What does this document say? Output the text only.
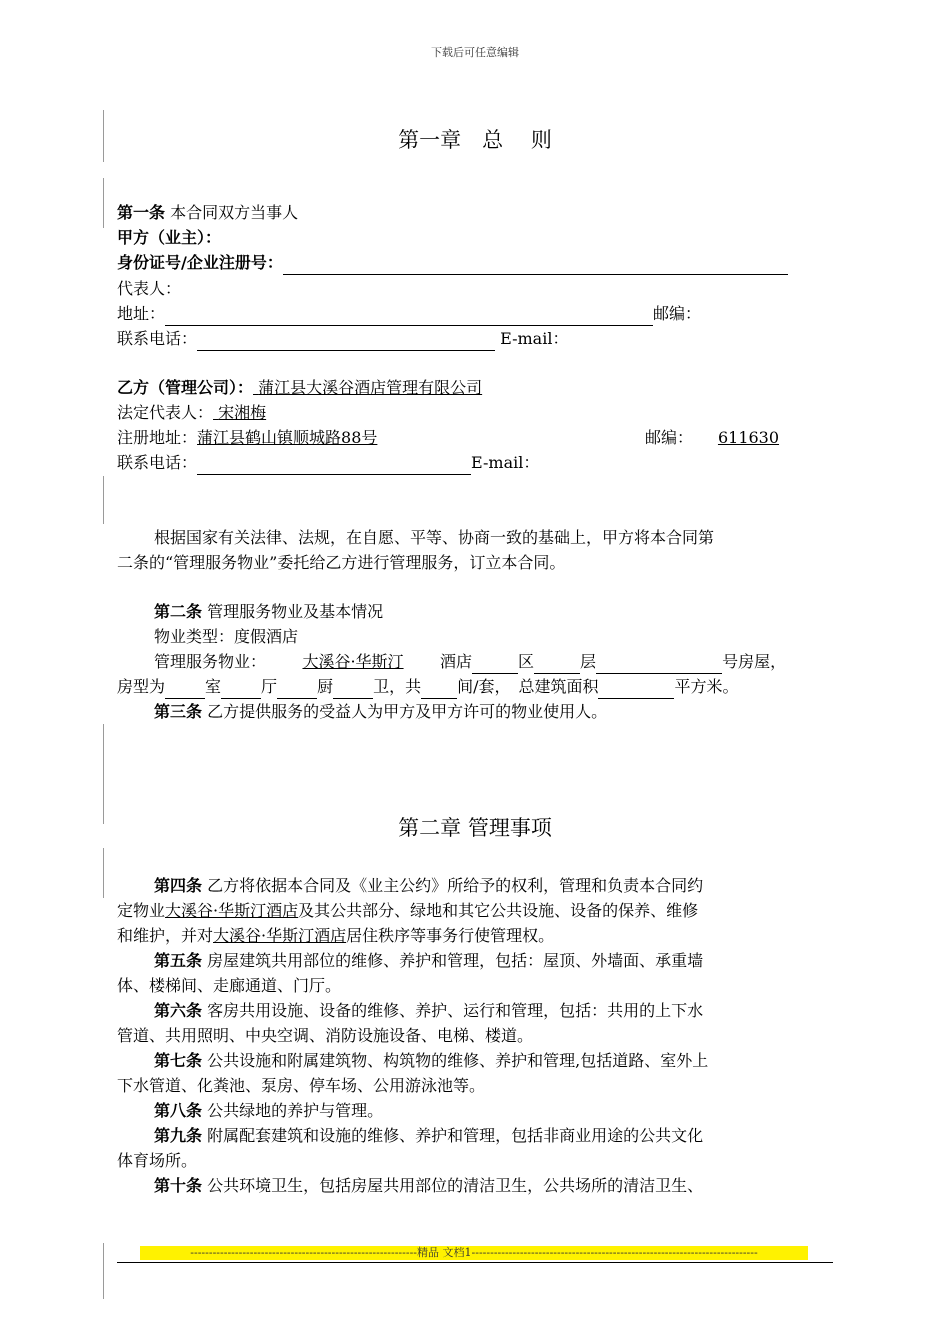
下载后可任意编辑
第一章　总　 则
第一条 本合同双方当事人
甲方（业主）：
身份证号/企业注册号：
代表人：
地址：	邮编：
联系电话：	E-mail：
乙方（管理公司）： 蒲江县大溪谷酒店管理有限公司
法定代表人： 宋湘梅
注册地址：蒲江县鹤山镇顺城路88号	邮编： 611630
联系电话：	E-mail：
根据国家有关法律、法规，在自愿、平等、协商一致的基础上，甲方将本合同第
二条的“管理服务物业”委托给乙方进行管理服务，订立本合同。
第二条 管理服务物业及基本情况
物业类型：度假酒店
管理服务物业： 大溪谷·华斯汀 酒店	区	层	号房屋，
房型为	室	厅	厨	卫，共 间/套，　总建筑面积	平方米。
第三条 乙方提供服务的受益人为甲方及甲方许可的物业使用人。
第二章 管理事项
第四条 乙方将依据本合同及《业主公约》所给予的权利，管理和负责本合同约
定物业大溪谷·华斯汀酒店及其公共部分、绿地和其它公共设施、设备的保养、维修
和维护，并对大溪谷·华斯汀酒店居住秩序等事务行使管理权。
第五条 房屋建筑共用部位的维修、养护和管理，包括：屋顶、外墙面、承重墙
体、楼梯间、走廊通道、门厅。
第六条 客房共用设施、设备的维修、养护、运行和管理，包括：共用的上下水
管道、共用照明、中央空调、消防设施设备、电梯、楼道。
第七条 公共设施和附属建筑物、构筑物的维修、养护和管理,包括道路、室外上
下水管道、化粪池、泵房、停车场、公用游泳池等。
第八条 公共绿地的养护与管理。
第九条 附属配套建筑和设施的维修、养护和管理，包括非商业用途的公共文化
体育场所。
第十条 公共环境卫生，包括房屋共用部位的清洁卫生，公共场所的清洁卫生、
-------------------------------------------------------------精品 文档1-----------------------------------------------------------------------------
